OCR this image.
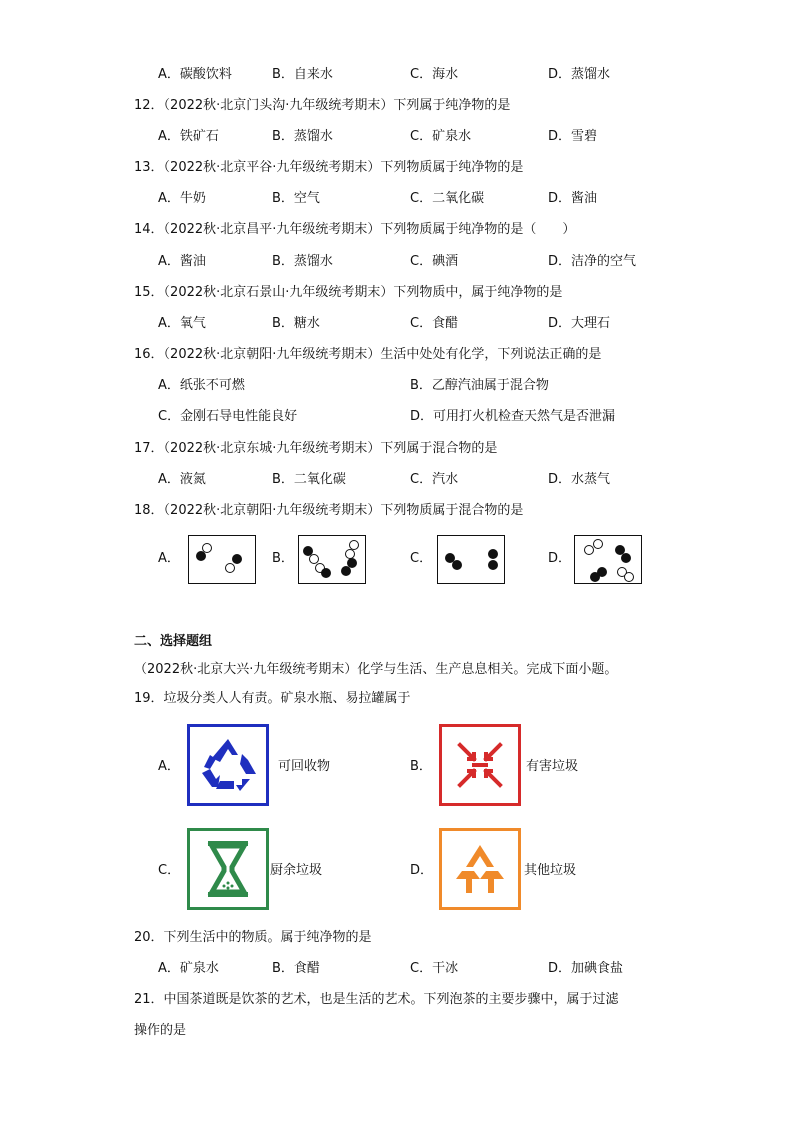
A．碳酸饮料	B．自来水	C．海水	D．蒸馏水
12．（2022秋·北京门头沟·九年级统考期末）下列属于纯净物的是
A．铁矿石	B．蒸馏水	C．矿泉水	D．雪碧
13．（2022秋·北京平谷·九年级统考期末）下列物质属于纯净物的是
A．牛奶	B．空气	C．二氧化碳	D．酱油
14．（2022秋·北京昌平·九年级统考期末）下列物质属于纯净物的是（　　）
A．酱油	B．蒸馏水	C．碘酒	D．洁净的空气
15．（2022秋·北京石景山·九年级统考期末）下列物质中，属于纯净物的是
A．氧气	B．糖水	C．食醋	D．大理石
16．（2022秋·北京朝阳·九年级统考期末）生活中处处有化学，下列说法正确的是
A．纸张不可燃	B．乙醇汽油属于混合物
C．金刚石导电性能良好	D．可用打火机检查天然气是否泄漏
17．（2022秋·北京东城·九年级统考期末）下列属于混合物的是
A．液氮	B．二氧化碳	C．汽水	D．水蒸气
18．（2022秋·北京朝阳·九年级统考期末）下列物质属于混合物的是
A．	B．	C．	D．
二、选择题组
（2022秋·北京大兴·九年级统考期末）化学与生活、生产息息相关。完成下面小题。
19．垃圾分类人人有责。矿泉水瓶、易拉罐属于
A．	可回收物	B．	有害垃圾
C．	厨余垃圾	D．	其他垃圾
20．下列生活中的物质。属于纯净物的是
A．矿泉水	B．食醋	C．干冰	D．加碘食盐
21．中国茶道既是饮茶的艺术，也是生活的艺术。下列泡茶的主要步骤中，属于过滤
操作的是
